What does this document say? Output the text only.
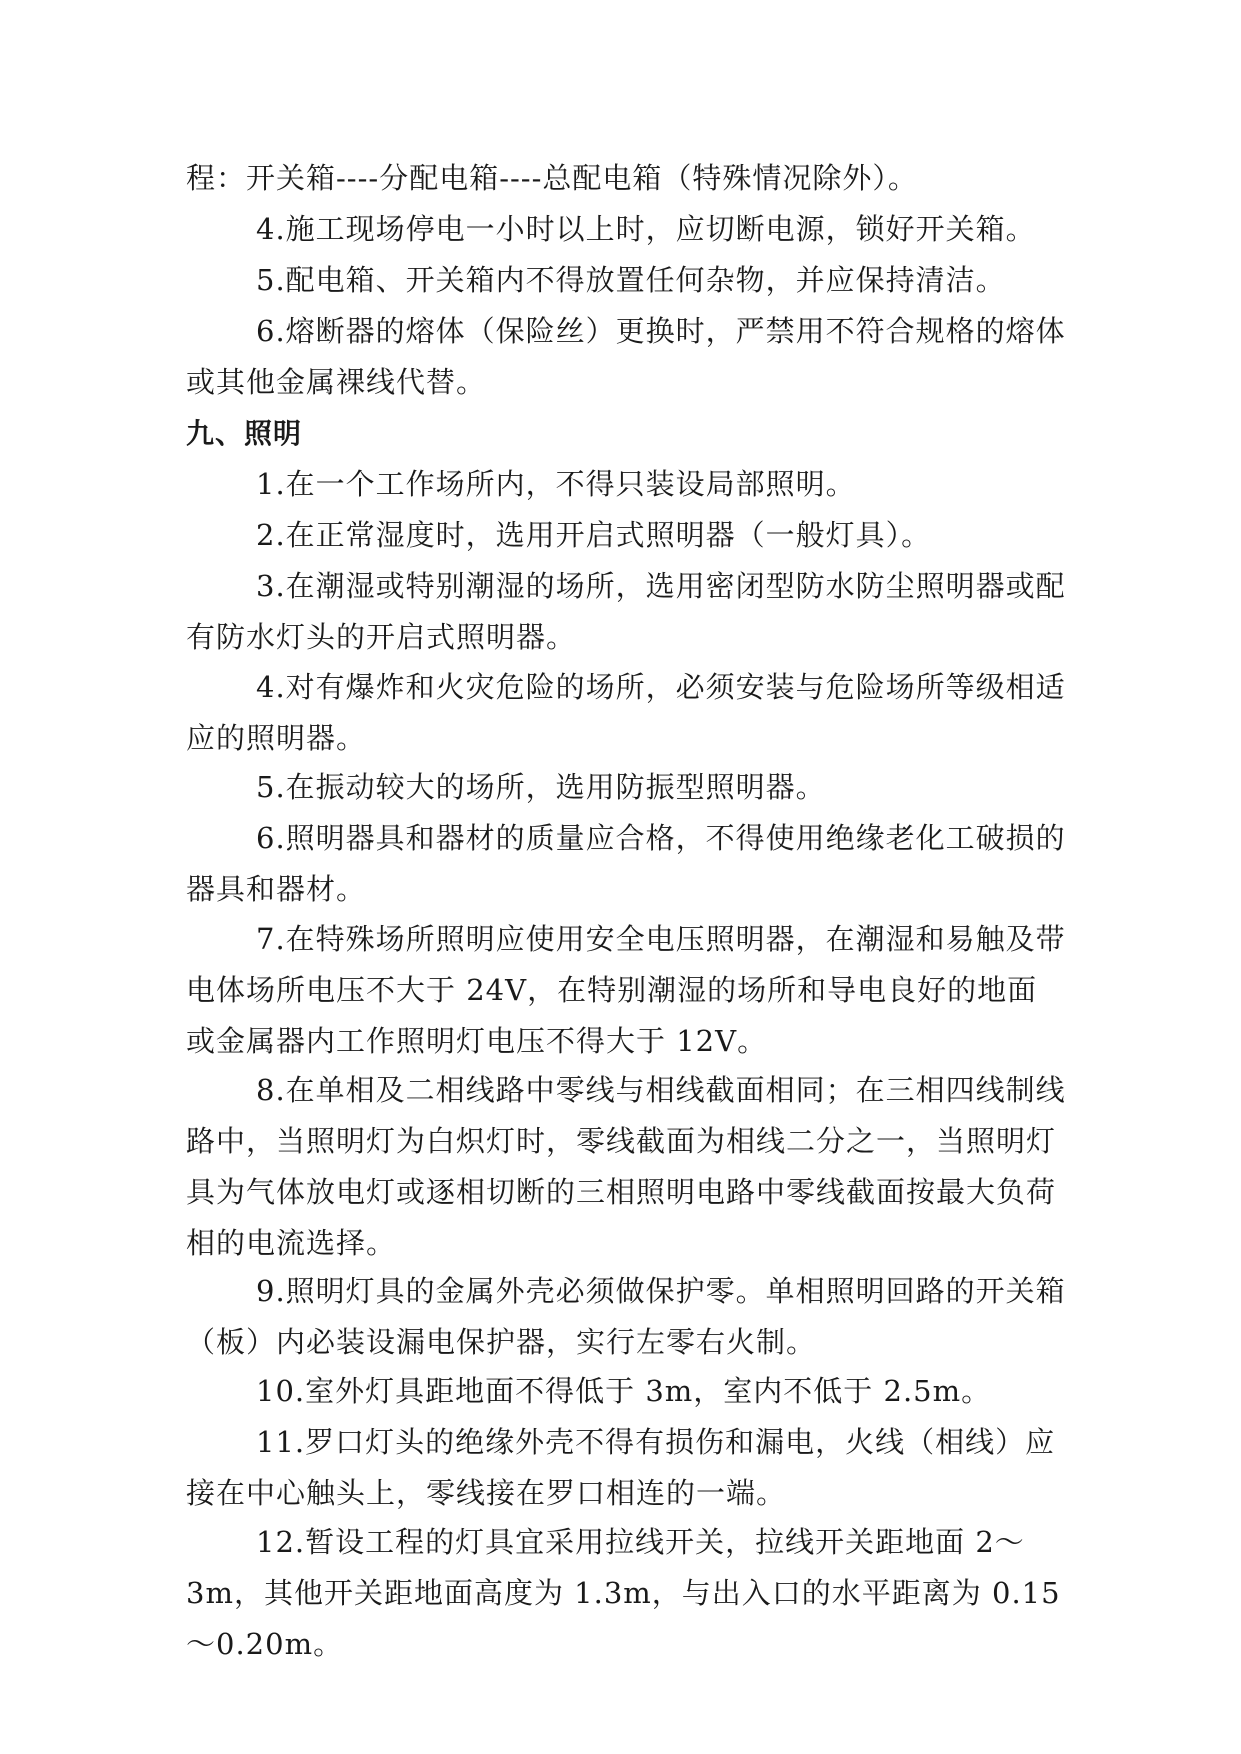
程：开关箱----分配电箱----总配电箱（特殊情况除外）。

4.施工现场停电一小时以上时，应切断电源，锁好开关箱。

5.配电箱、开关箱内不得放置任何杂物，并应保持清洁。

6.熔断器的熔体（保险丝）更换时，严禁用不符合规格的熔体或其他金属裸线代替。

九、照明

1.在一个工作场所内，不得只装设局部照明。

2.在正常湿度时，选用开启式照明器（一般灯具）。

3.在潮湿或特别潮湿的场所，选用密闭型防水防尘照明器或配有防水灯头的开启式照明器。

4.对有爆炸和火灾危险的场所，必须安装与危险场所等级相适应的照明器。

5.在振动较大的场所，选用防振型照明器。

6.照明器具和器材的质量应合格，不得使用绝缘老化工破损的器具和器材。

7.在特殊场所照明应使用安全电压照明器，在潮湿和易触及带电体场所电压不大于 24V，在特别潮湿的场所和导电良好的地面或金属器内工作照明灯电压不得大于 12V。

8.在单相及二相线路中零线与相线截面相同；在三相四线制线路中，当照明灯为白炽灯时，零线截面为相线二分之一，当照明灯具为气体放电灯或逐相切断的三相照明电路中零线截面按最大负荷相的电流选择。

9.照明灯具的金属外壳必须做保护零。单相照明回路的开关箱（板）内必装设漏电保护器，实行左零右火制。

10.室外灯具距地面不得低于 3m，室内不低于 2.5m。

11.罗口灯头的绝缘外壳不得有损伤和漏电，火线（相线）应接在中心触头上，零线接在罗口相连的一端。

12.暂设工程的灯具宜采用拉线开关，拉线开关距地面 2～3m，其他开关距地面高度为 1.3m，与出入口的水平距离为 0.15～0.20m。
